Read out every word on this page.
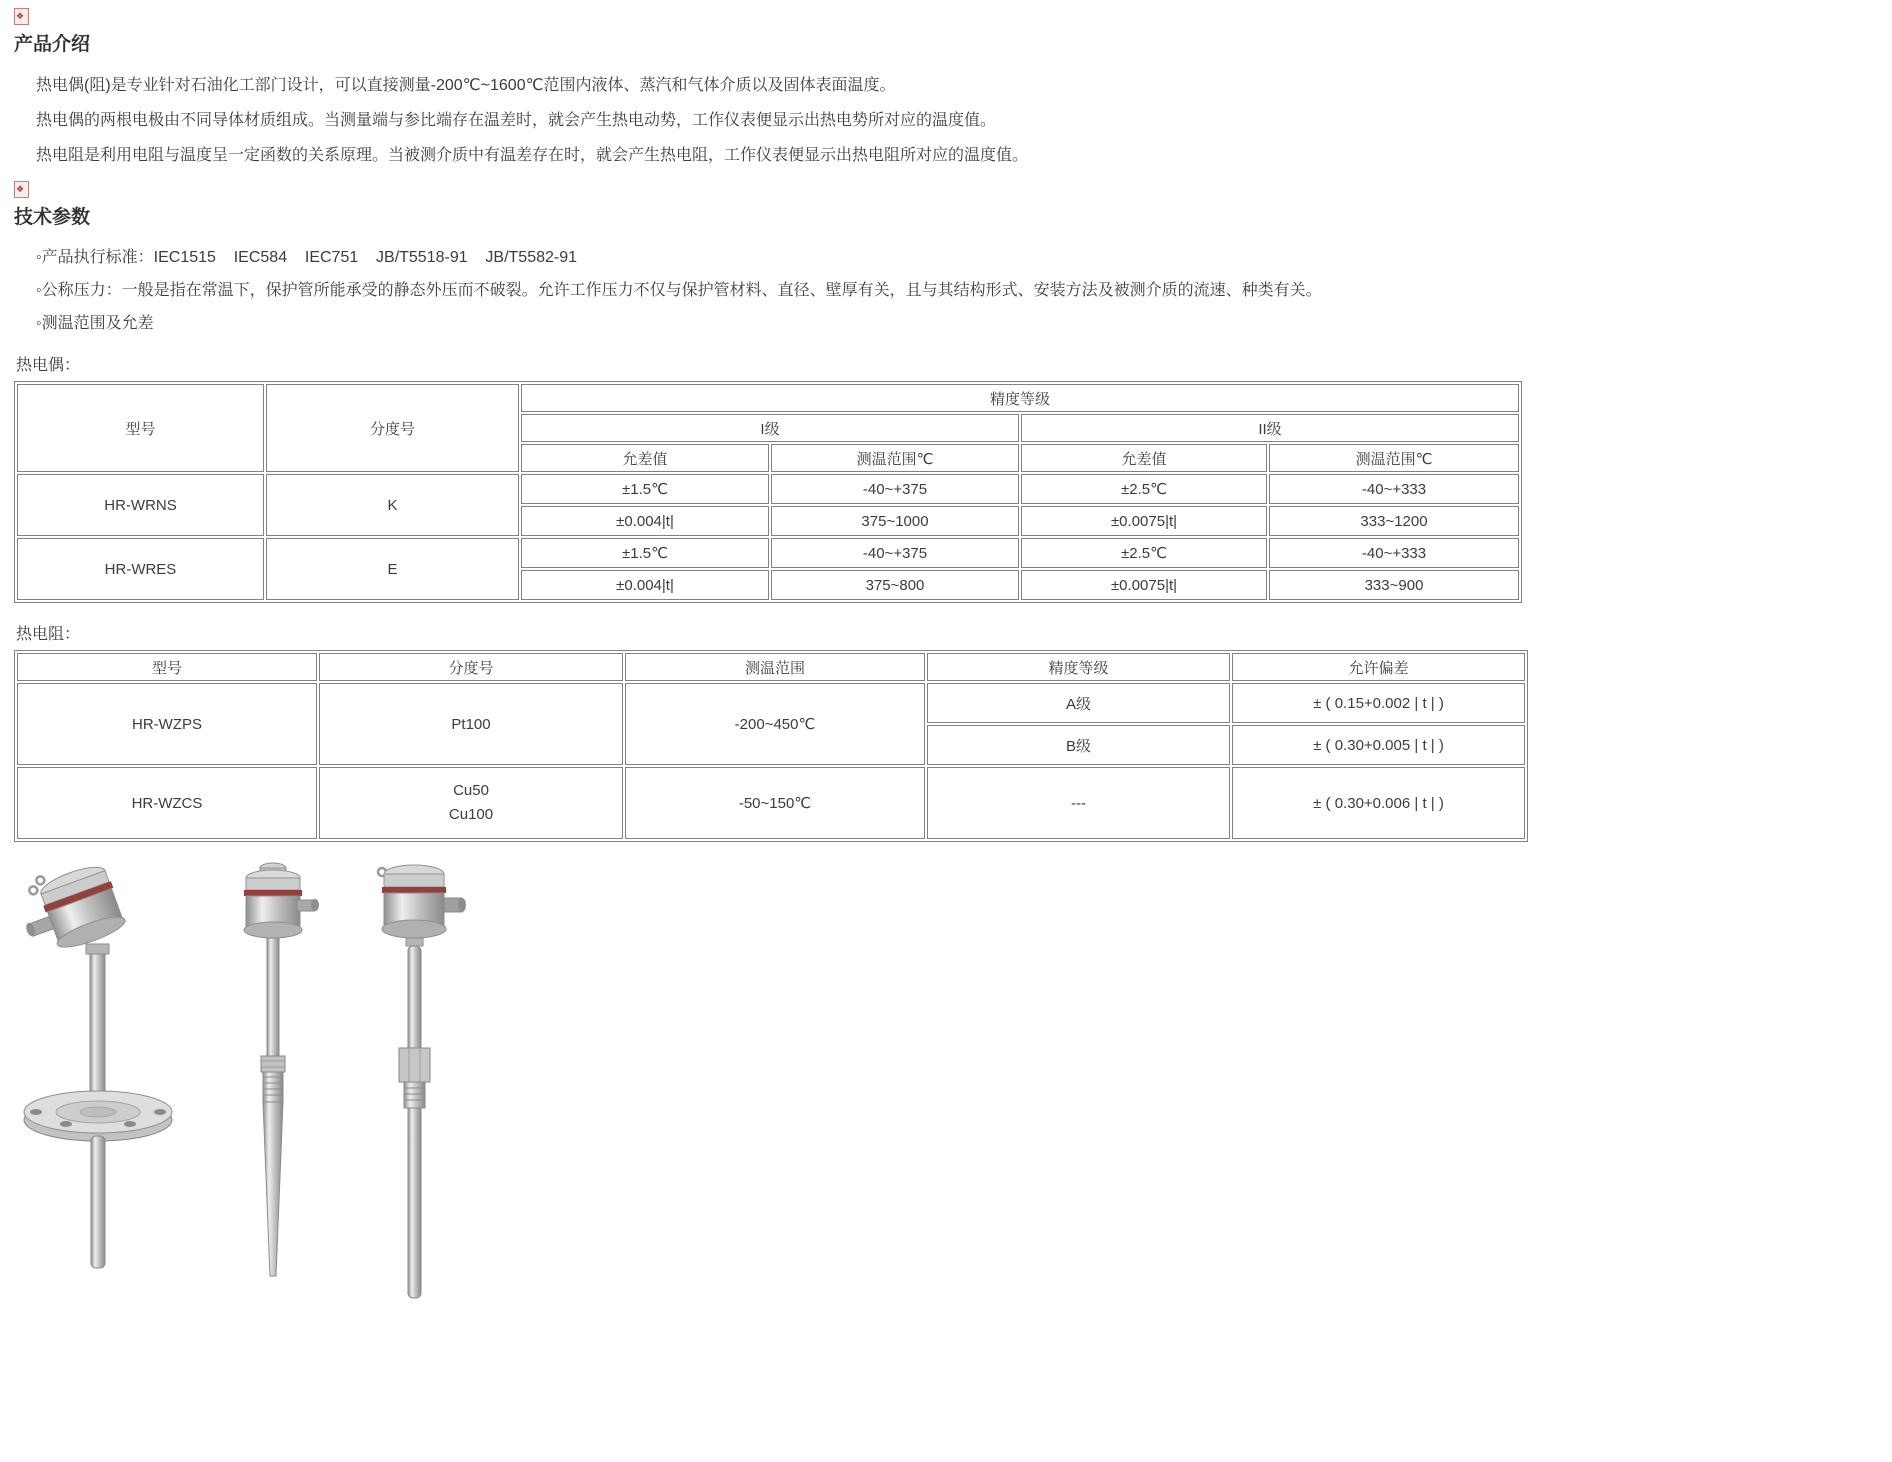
❖
产品介绍

热电偶(阻)是专业针对石油化工部门设计，可以直接测量-200℃~1600℃范围内液体、蒸汽和气体介质以及固体表面温度。

热电偶的两根电极由不同导体材质组成。当测量端与参比端存在温差时，就会产生热电动势，工作仪表便显示出热电势所对应的温度值。

热电阻是利用电阻与温度呈一定函数的关系原理。当被测介质中有温差存在时，就会产生热电阻，工作仪表便显示出热电阻所对应的温度值。

❖
技术参数

◦产品执行标准：IEC1515    IEC584    IEC751    JB/T5518-91    JB/T5582-91

◦公称压力：一般是指在常温下，保护管所能承受的静态外压而不破裂。允许工作压力不仅与保护管材料、直径、壁厚有关，且与其结构形式、安装方法及被测介质的流速、种类有关。

◦测温范围及允差

热电偶：
型号	分度号	精度等级			
		I级		II级	
		允差值	测温范围℃	允差值	测温范围℃
HR-WRNS	K	±1.5℃	-40~+375	±2.5℃	-40~+333
		±0.004|t|	375~1000	±0.0075|t|	333~1200
HR-WRES	E	±1.5℃	-40~+375	±2.5℃	-40~+333
		±0.004|t|	375~800	±0.0075|t|	333~900
热电阻：
型号	分度号	测温范围	精度等级	允许偏差
HR-WZPS	Pt100	-200~450℃	A级	± ( 0.15+0.002 | t | )
			B级	± ( 0.30+0.005 | t | )
HR-WZCS	Cu50
Cu100	-50~150℃	---	± ( 0.30+0.006 | t | )
